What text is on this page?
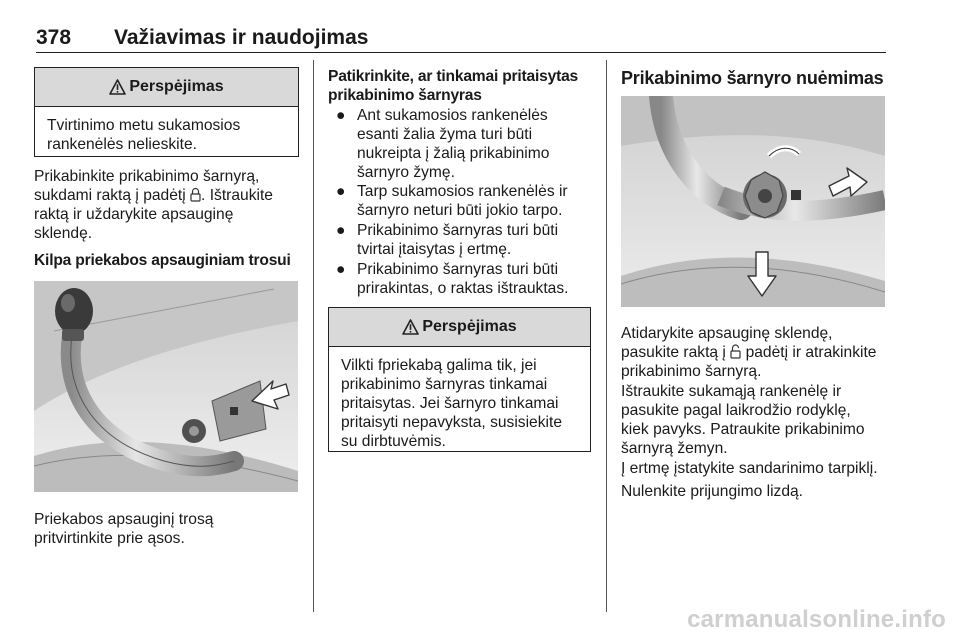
378 Važiavimas ir naudojimas
Perspėjimas
Tvirtinimo metu sukamosios
rankenėlės nelieskite.
Prikabinkite prikabinimo šarnyrą,
sukdami raktą į padėtį . Ištraukite
raktą ir uždarykite apsauginę
sklendę.
Kilpa priekabos apsauginiam trosui
Priekabos apsauginį trosą
pritvirtinkite prie ąsos.
Patikrinkite, ar tinkamai pritaisytas
prikabinimo šarnyras
● Ant sukamosios rankenėlės
esanti žalia žyma turi būti
nukreipta į žalią prikabinimo
šarnyro žymę.
● Tarp sukamosios rankenėlės ir
šarnyro neturi būti jokio tarpo.
● Prikabinimo šarnyras turi būti
tvirtai įtaisytas į ertmę.
● Prikabinimo šarnyras turi būti
prirakintas, o raktas ištrauktas.
Perspėjimas
Vilkti fpriekabą galima tik, jei
prikabinimo šarnyras tinkamai
pritaisytas. Jei šarnyro tinkamai
pritaisyti nepavyksta, susisiekite
su dirbtuvėmis.
Prikabinimo šarnyro nuėmimas
Atidarykite apsauginę sklendę,
pasukite raktą į padėtį ir atrakinkite
prikabinimo šarnyrą.
Ištraukite sukamąją rankenėlę ir
pasukite pagal laikrodžio rodyklę,
kiek pavyks. Patraukite prikabinimo
šarnyrą žemyn.
Į ertmę įstatykite sandarinimo tarpiklį.
Nulenkite prijungimo lizdą.
carmanualsonline.info
